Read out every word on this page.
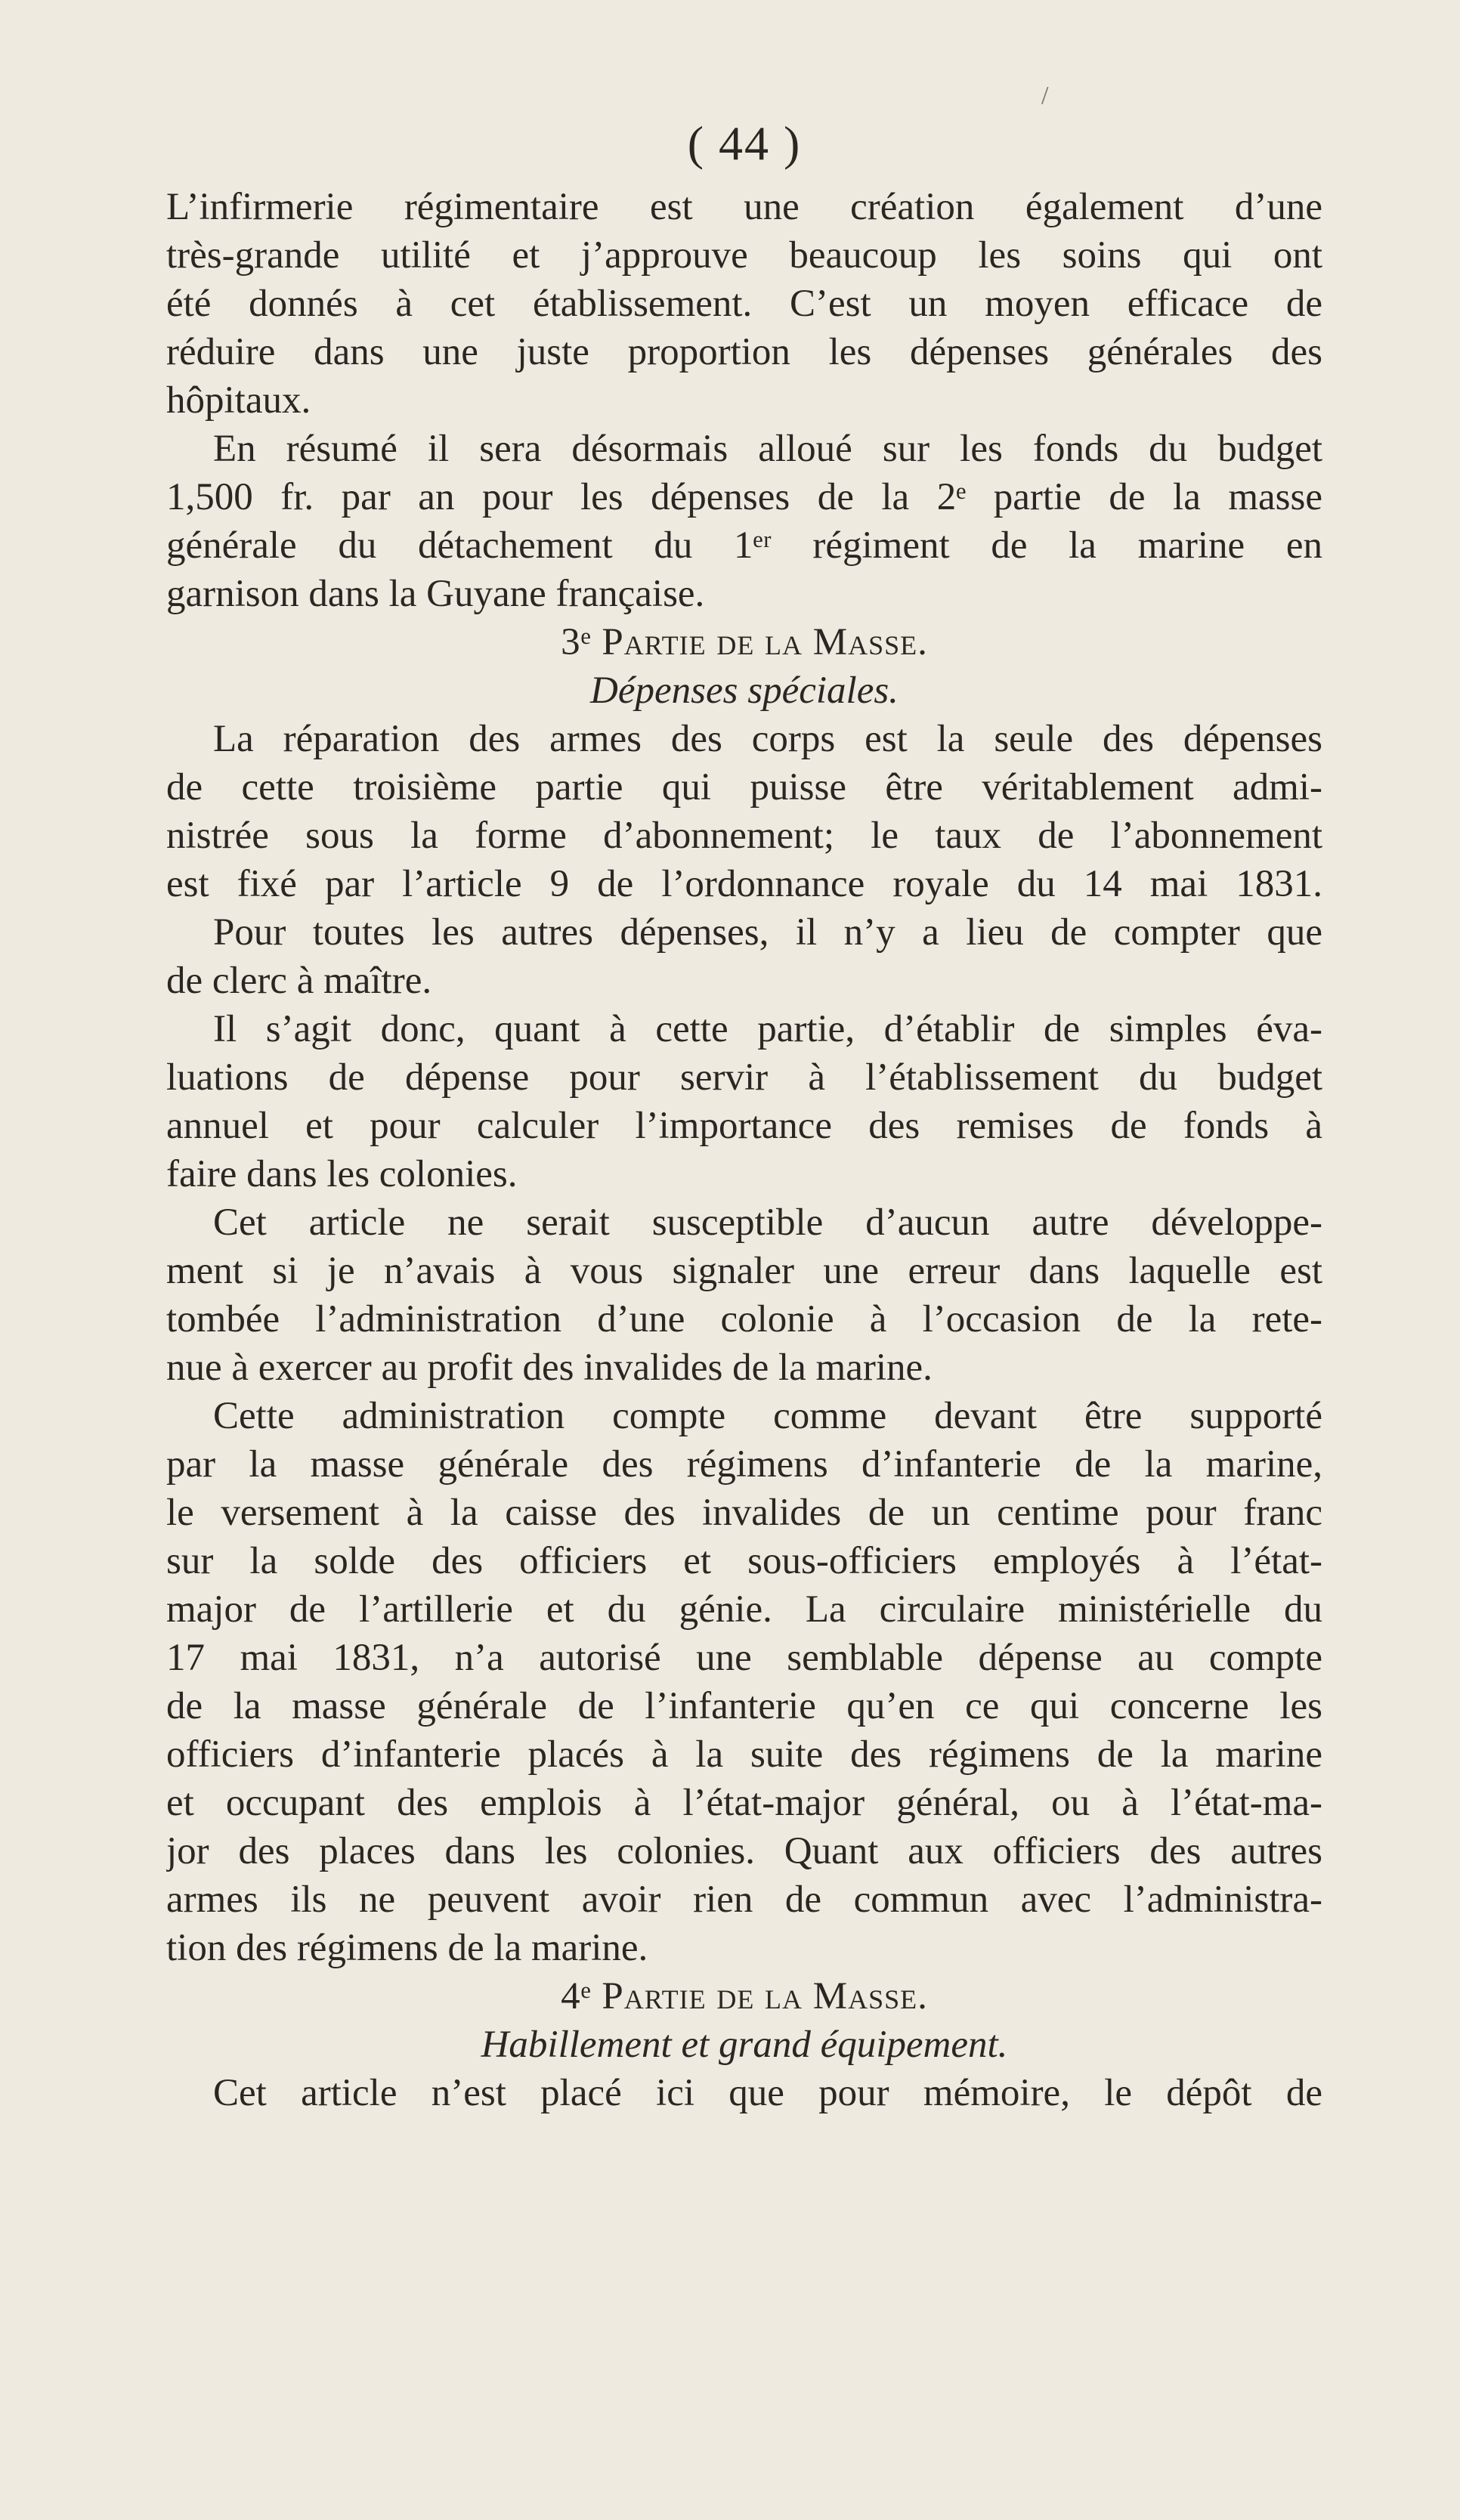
/
( 44 )
L’infirmerie régimentaire est une création également d’une
très-grande utilité et j’approuve beaucoup les soins qui ont
été donnés à cet établissement. C’est un moyen efficace de
réduire dans une juste proportion les dépenses générales des
hôpitaux.
En résumé il sera désormais alloué sur les fonds du budget
1,500 fr. par an pour les dépenses de la 2ᵉ partie de la masse
générale du détachement du 1ᵉʳ régiment de la marine en
garnison dans la Guyane française.
3ᵉ Partie de la Masse.
Dépenses spéciales.
La réparation des armes des corps est la seule des dépenses
de cette troisième partie qui puisse être véritablement admi-
nistrée sous la forme d’abonnement; le taux de l’abonnement
est fixé par l’article 9 de l’ordonnance royale du 14 mai 1831.
Pour toutes les autres dépenses, il n’y a lieu de compter que
de clerc à maître.
Il s’agit donc, quant à cette partie, d’établir de simples éva-
luations de dépense pour servir à l’établissement du budget
annuel et pour calculer l’importance des remises de fonds à
faire dans les colonies.
Cet article ne serait susceptible d’aucun autre développe-
ment si je n’avais à vous signaler une erreur dans laquelle est
tombée l’administration d’une colonie à l’occasion de la rete-
nue à exercer au profit des invalides de la marine.
Cette administration compte comme devant être supporté
par la masse générale des régimens d’infanterie de la marine,
le versement à la caisse des invalides de un centime pour franc
sur la solde des officiers et sous-officiers employés à l’état-
major de l’artillerie et du génie. La circulaire ministérielle du
17 mai 1831, n’a autorisé une semblable dépense au compte
de la masse générale de l’infanterie qu’en ce qui concerne les
officiers d’infanterie placés à la suite des régimens de la marine
et occupant des emplois à l’état-major général, ou à l’état-ma-
jor des places dans les colonies. Quant aux officiers des autres
armes ils ne peuvent avoir rien de commun avec l’administra-
tion des régimens de la marine.
4ᵉ Partie de la Masse.
Habillement et grand équipement.
Cet article n’est placé ici que pour mémoire, le dépôt de
